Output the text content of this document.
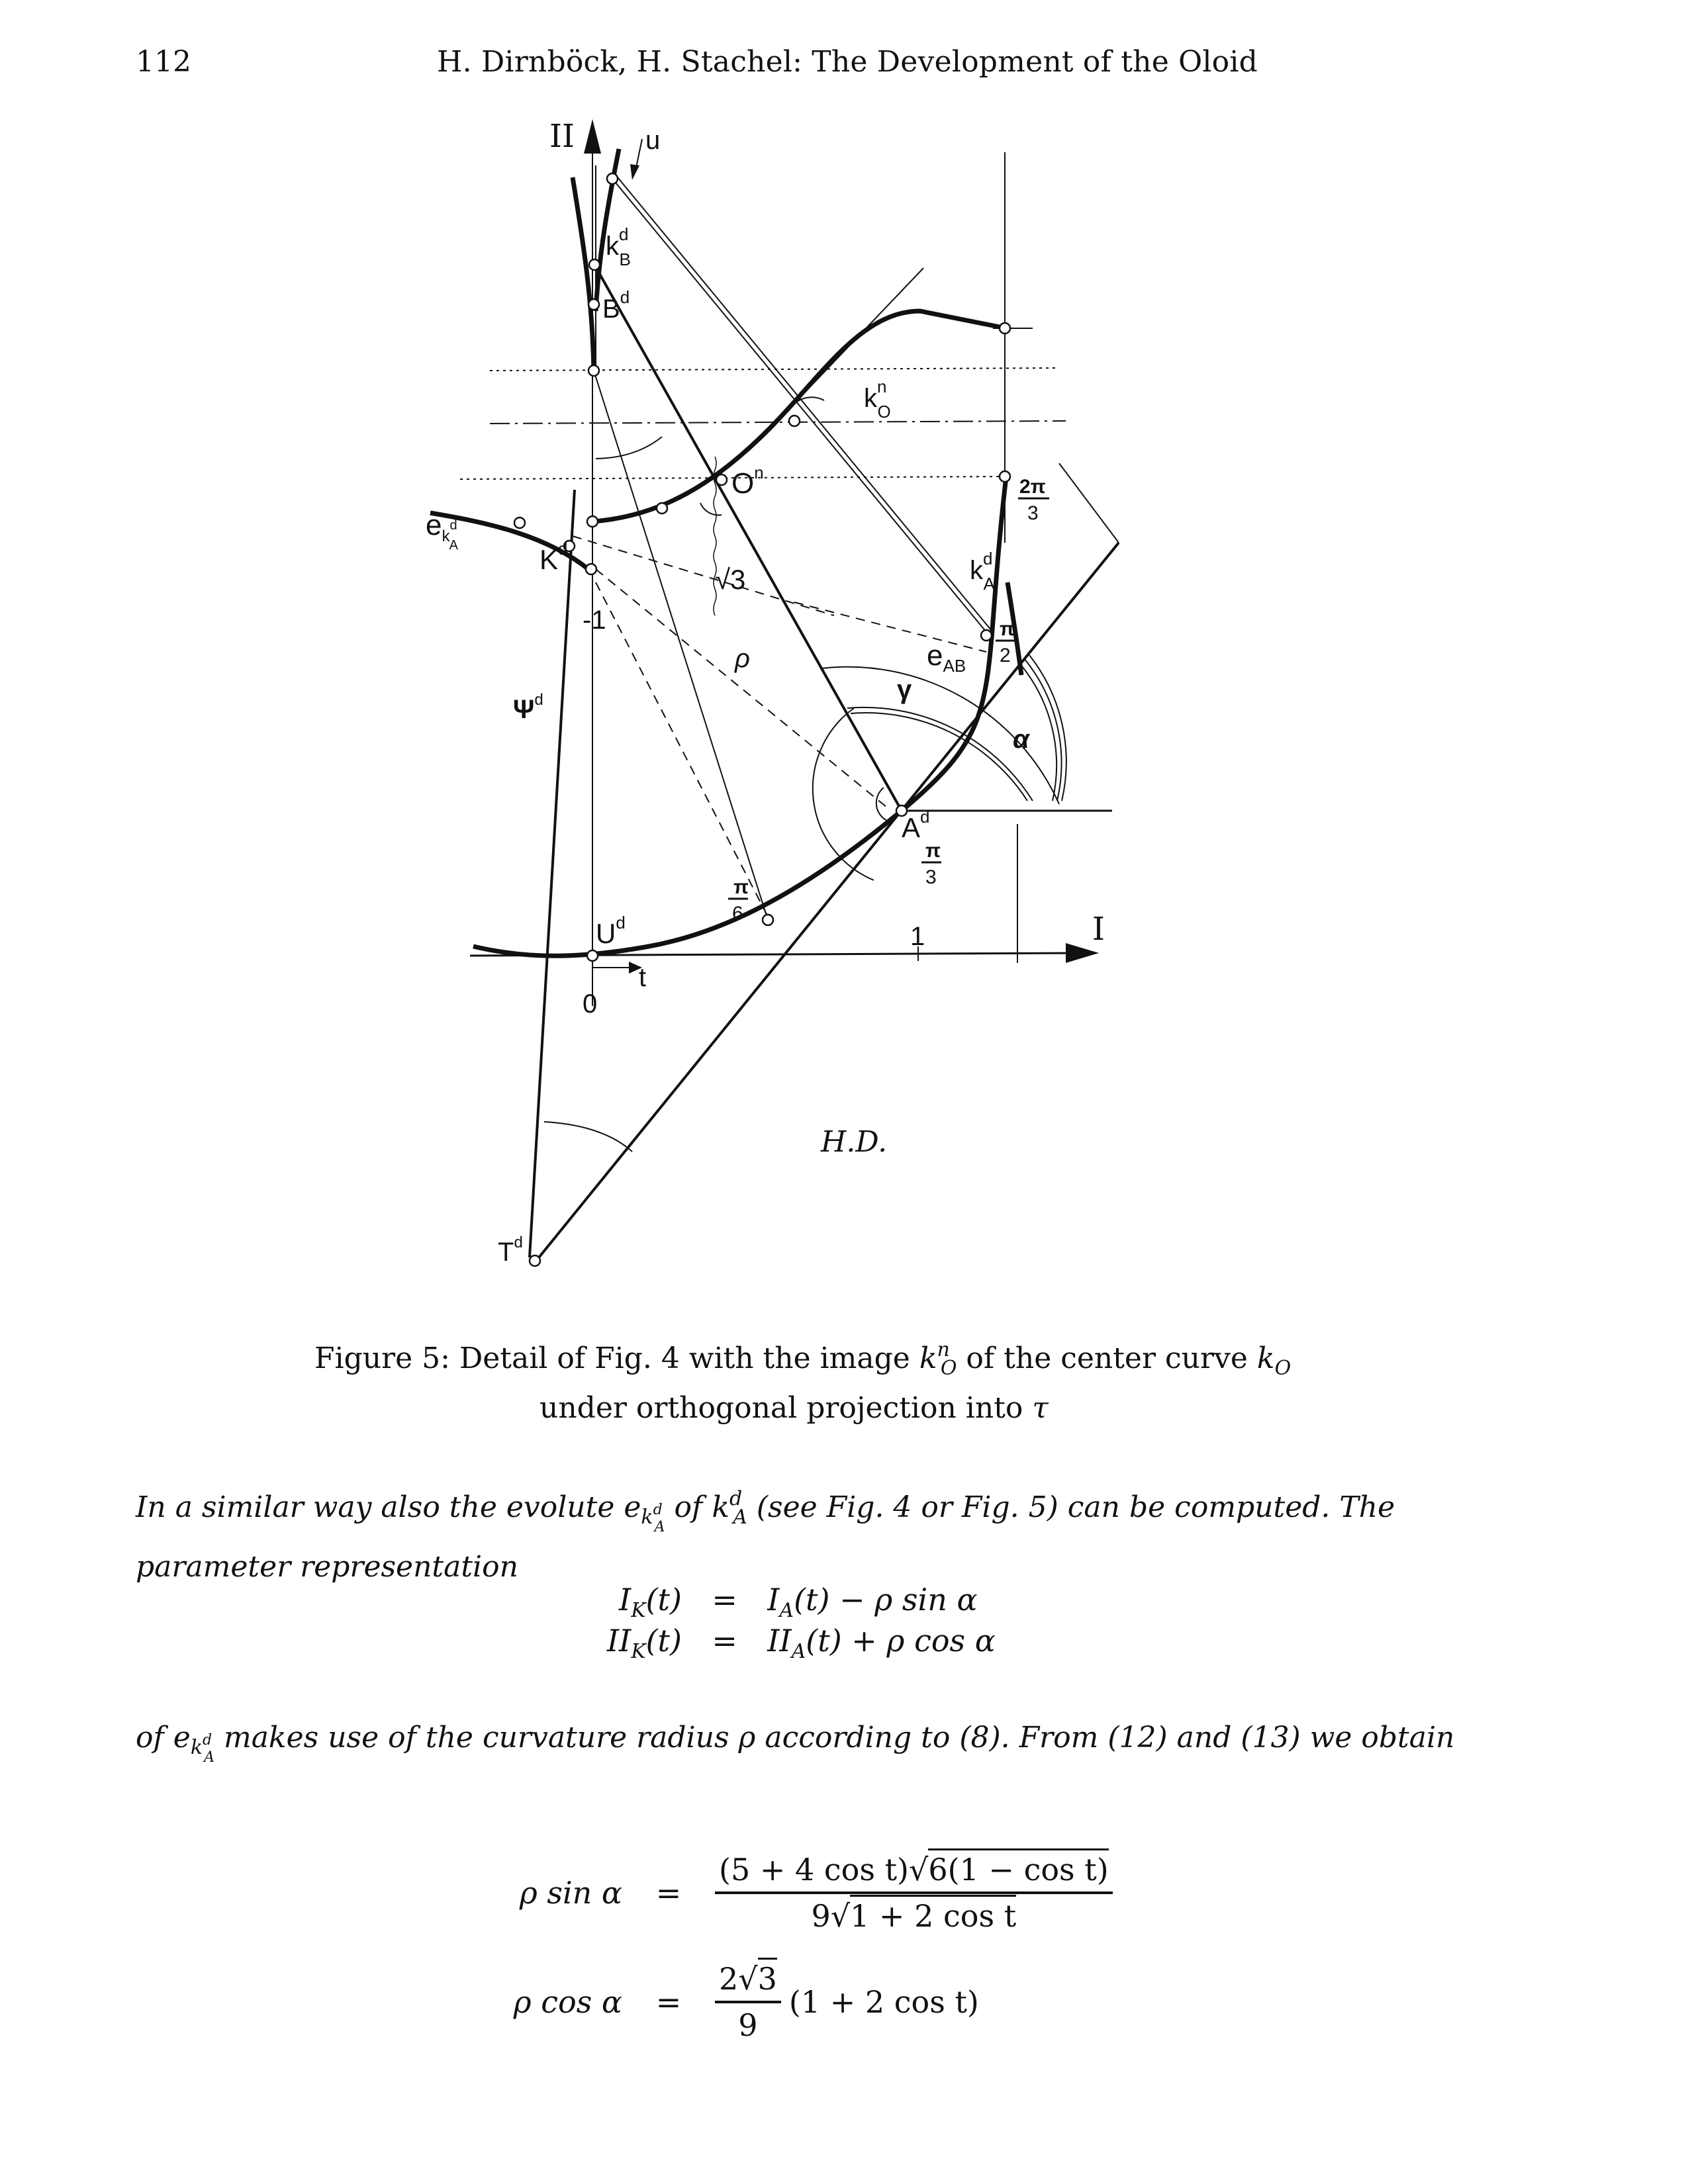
112	H. Dirnböck, H. Stachel: The Development of the Oloid
II
I
u
t
0
1
-1
$k^d$ B
$B^d$
$k^n$ O
$O^n$
$e_k^d$ A	$K^d$
$k^d$ A
$e_{AB}$
$A^d$
$U^d$
$\Psi^d$
$T^d$
√3
ρ
γ
α
π
6
π
3
π
2
2π
3
H.D.
Figure 5: Detail of Fig. 4 with the image $k^n_O$ of the center curve $k_O$
under orthogonal projection into τ
In a similar way also the evolute $e_{k^d_A}$ of $k^d_A$ (see Fig. 4 or Fig. 5) can be computed. The
parameter representation
$I_K(t) = I_A(t) - \rho$ sin α
$II_K(t) = II_A(t) + \rho$ cos α
of $e_{k^d_A}$ makes use of the curvature radius ρ according to (8). From (12) and (13) we obtain
ρ sin α	=	$\frac{\text{(5 + 4 cos t)√6(1 − cos t)}}{\text{9√1 + 2 cos t}}$
ρ cos α	=	$\frac{2√3}{9} (1 + 2$ cos t)
